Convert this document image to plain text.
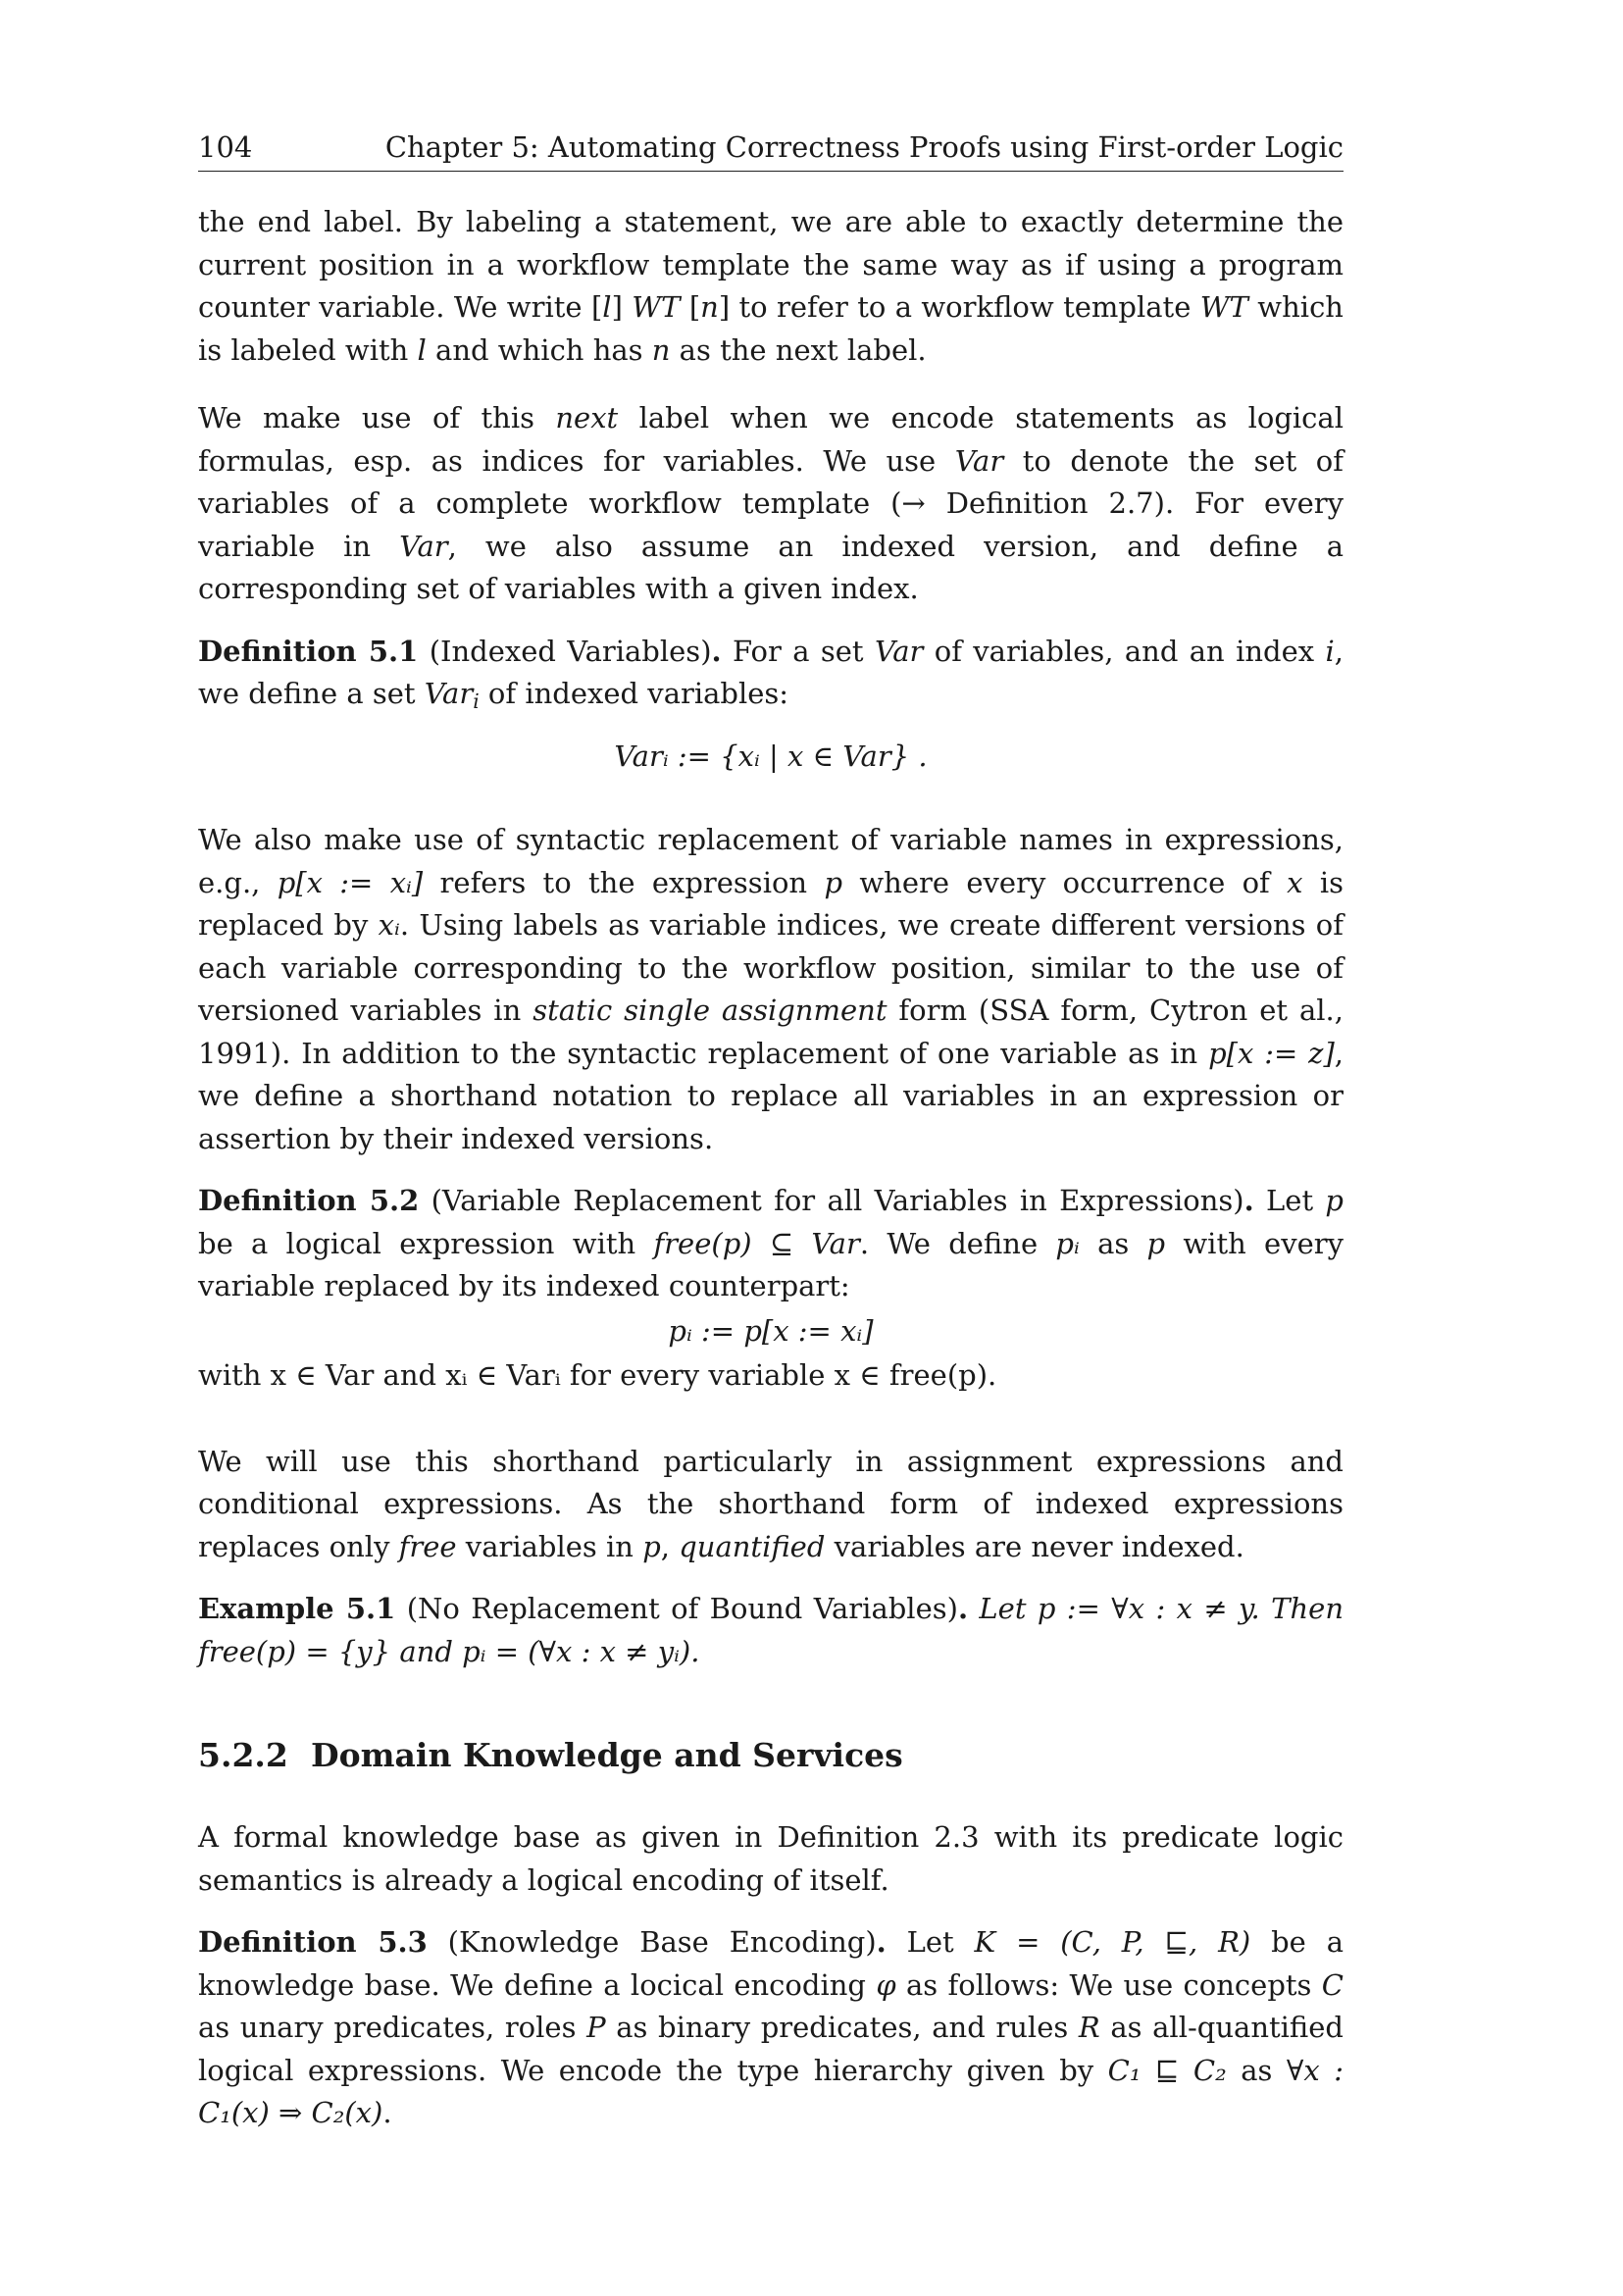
104	Chapter 5: Automating Correctness Proofs using First-order Logic

the end label. By labeling a statement, we are able to exactly determine the current position in a workflow template the same way as if using a program counter variable. We write [l] WT [n] to refer to a workflow template WT which is labeled with l and which has n as the next label.

We make use of this next label when we encode statements as logical formulas, esp. as indices for variables. We use Var to denote the set of variables of a complete workflow template (→ Definition 2.7). For every variable in Var, we also assume an indexed version, and define a corresponding set of variables with a given index.

Definition 5.1 (Indexed Variables). For a set Var of variables, and an index i, we define a set Var$_i$ of indexed variables:

Varᵢ := {xᵢ | x ∈ Var} .

We also make use of syntactic replacement of variable names in expressions, e.g., p[x := xᵢ] refers to the expression p where every occurrence of x is replaced by xᵢ. Using labels as variable indices, we create different versions of each variable corresponding to the workflow position, similar to the use of versioned variables in static single assignment form (SSA form, Cytron et al., 1991). In addition to the syntactic replacement of one variable as in p[x := z], we define a shorthand notation to replace all variables in an expression or assertion by their indexed versions.

Definition 5.2 (Variable Replacement for all Variables in Expressions). Let p be a logical expression with free(p) ⊆ Var. We define pᵢ as p with every variable replaced by its indexed counterpart:

pᵢ := p[x := xᵢ]

with x ∈ Var and xᵢ ∈ Varᵢ for every variable x ∈ free(p).

We will use this shorthand particularly in assignment expressions and conditional expressions. As the shorthand form of indexed expressions replaces only free variables in p, quantified variables are never indexed.

Example 5.1 (No Replacement of Bound Variables). Let p := ∀x : x ≠ y. Then free(p) = {y} and pᵢ = (∀x : x ≠ yᵢ).

5.2.2 Domain Knowledge and Services

A formal knowledge base as given in Definition 2.3 with its predicate logic semantics is already a logical encoding of itself.

Definition 5.3 (Knowledge Base Encoding). Let K = (C, P, ⊑, R) be a knowledge base. We define a locical encoding φ as follows: We use concepts C as unary predicates, roles P as binary predicates, and rules R as all-quantified logical expressions. We encode the type hierarchy given by C₁ ⊑ C₂ as ∀x : C₁(x) ⇒ C₂(x).
